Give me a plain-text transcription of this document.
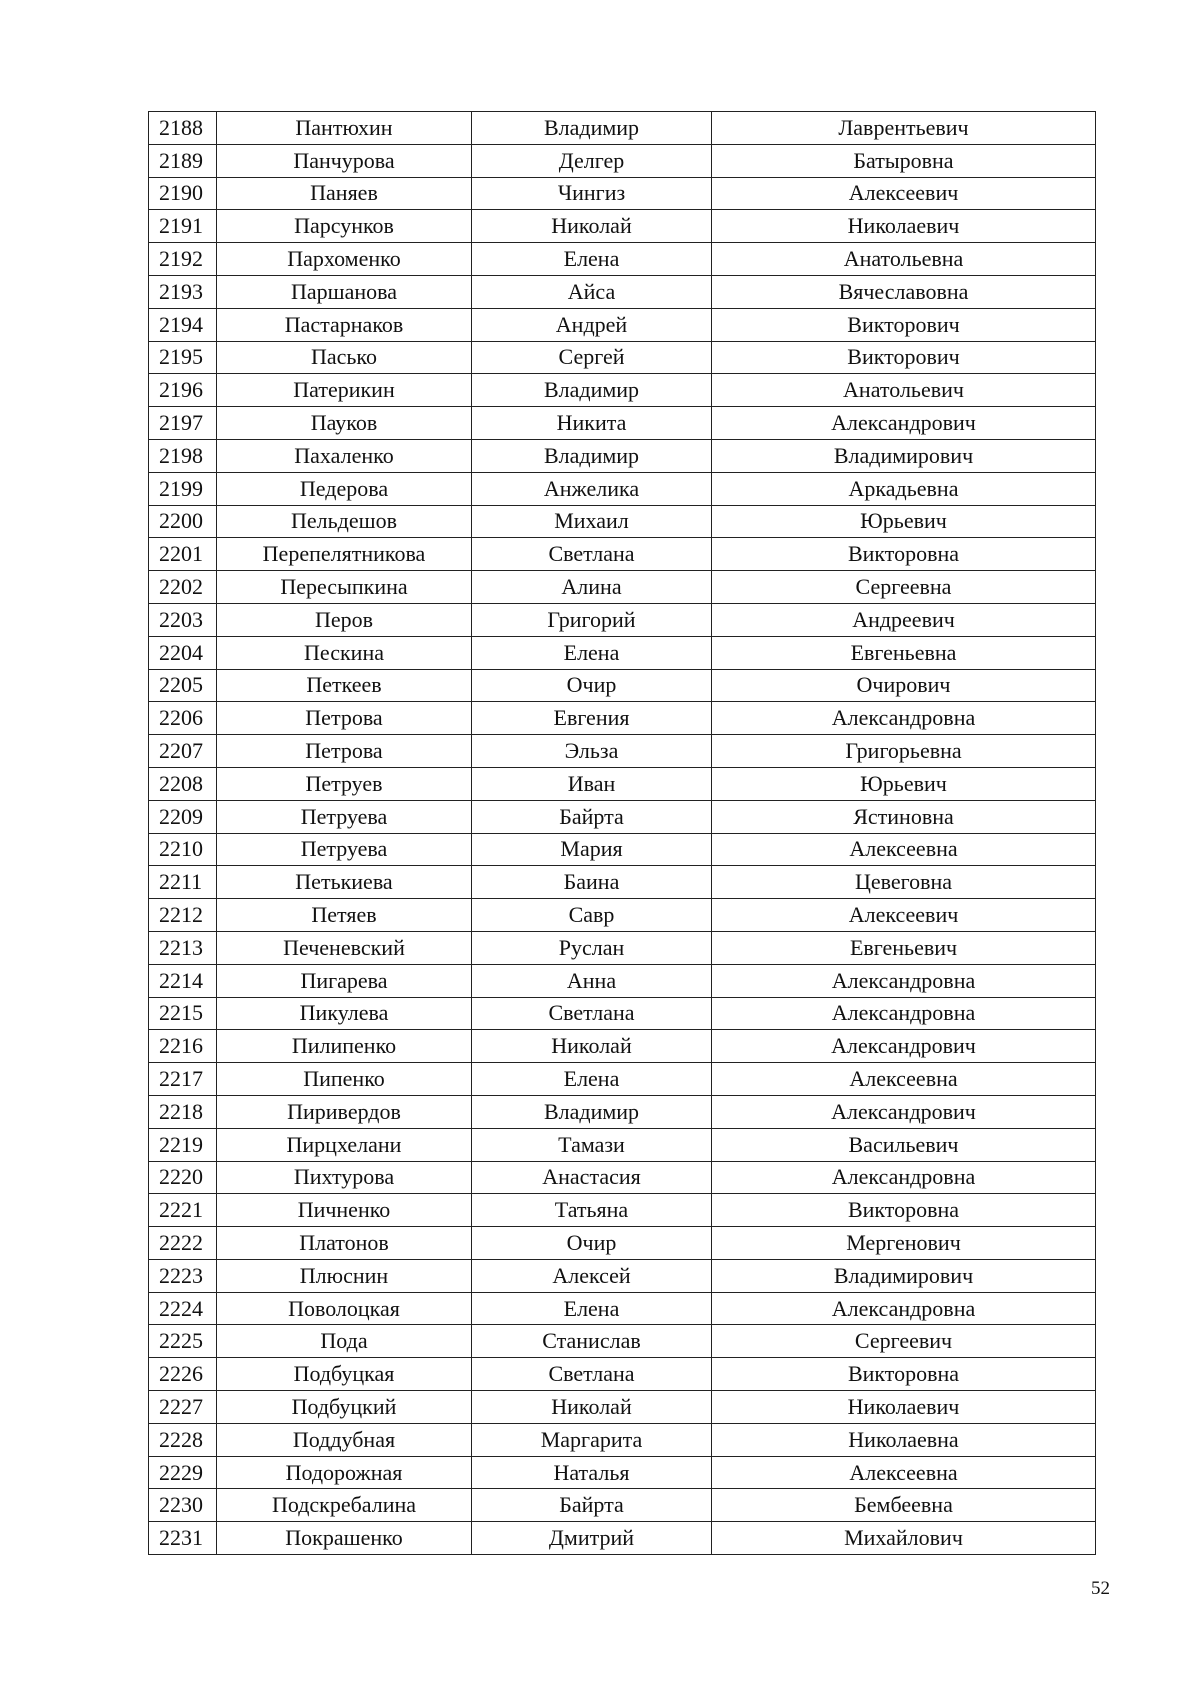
2188	Пантюхин	Владимир	Лаврентьевич
2189	Панчурова	Делгер	Батыровна
2190	Паняев	Чингиз	Алексеевич
2191	Парсунков	Николай	Николаевич
2192	Пархоменко	Елена	Анатольевна
2193	Паршанова	Айса	Вячеславовна
2194	Пастарнаков	Андрей	Викторович
2195	Пасько	Сергей	Викторович
2196	Патерикин	Владимир	Анатольевич
2197	Пауков	Никита	Александрович
2198	Пахаленко	Владимир	Владимирович
2199	Педерова	Анжелика	Аркадьевна
2200	Пельдешов	Михаил	Юрьевич
2201	Перепелятникова	Светлана	Викторовна
2202	Пересыпкина	Алина	Сергеевна
2203	Перов	Григорий	Андреевич
2204	Пескина	Елена	Евгеньевна
2205	Петкеев	Очир	Очирович
2206	Петрова	Евгения	Александровна
2207	Петрова	Эльза	Григорьевна
2208	Петруев	Иван	Юрьевич
2209	Петруева	Байрта	Ястиновна
2210	Петруева	Мария	Алексеевна
2211	Петькиева	Баина	Цевеговна
2212	Петяев	Савр	Алексеевич
2213	Печеневский	Руслан	Евгеньевич
2214	Пигарева	Анна	Александровна
2215	Пикулева	Светлана	Александровна
2216	Пилипенко	Николай	Александрович
2217	Пипенко	Елена	Алексеевна
2218	Пиривердов	Владимир	Александрович
2219	Пирцхелани	Тамази	Васильевич
2220	Пихтурова	Анастасия	Александровна
2221	Пичненко	Татьяна	Викторовна
2222	Платонов	Очир	Мергенович
2223	Плюснин	Алексей	Владимирович
2224	Поволоцкая	Елена	Александровна
2225	Пода	Станислав	Сергеевич
2226	Подбуцкая	Светлана	Викторовна
2227	Подбуцкий	Николай	Николаевич
2228	Поддубная	Маргарита	Николаевна
2229	Подорожная	Наталья	Алексеевна
2230	Подскребалина	Байрта	Бембеевна
2231	Покрашенко	Дмитрий	Михайлович
52
